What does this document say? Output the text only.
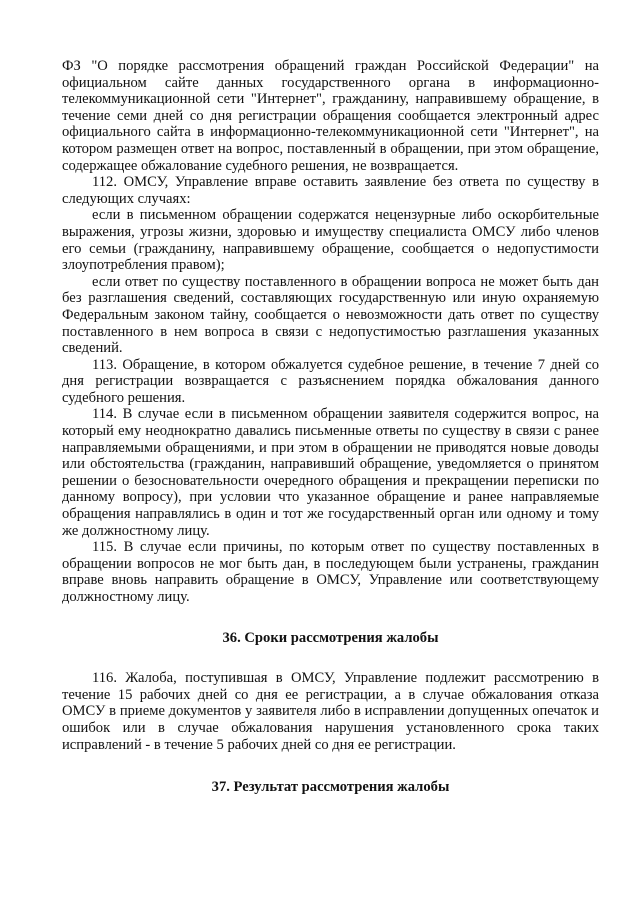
ФЗ "О порядке рассмотрения обращений граждан Российской Федерации" на официальном сайте данных государственного органа в информационно-телекоммуникационной сети "Интернет", гражданину, направившему обращение, в течение семи дней со дня регистрации обращения сообщается электронный адрес официального сайта в информационно-телекоммуникационной сети "Интернет", на котором размещен ответ на вопрос, поставленный в обращении, при этом обращение, содержащее обжалование судебного решения, не возвращается.

112. ОМСУ, Управление вправе оставить заявление без ответа по существу в следующих случаях:

если в письменном обращении содержатся нецензурные либо оскорбительные выражения, угрозы жизни, здоровью и имуществу специалиста ОМСУ либо членов его семьи (гражданину, направившему обращение, сообщается о недопустимости злоупотребления правом);

если ответ по существу поставленного в обращении вопроса не может быть дан без разглашения сведений, составляющих государственную или иную охраняемую Федеральным законом тайну, сообщается о невозможности дать ответ по существу поставленного в нем вопроса в связи с недопустимостью разглашения указанных сведений.

113. Обращение, в котором обжалуется судебное решение, в течение 7 дней со дня регистрации возвращается с разъяснением порядка обжалования данного судебного решения.

114. В случае если в письменном обращении заявителя содержится вопрос, на который ему неоднократно давались письменные ответы по существу в связи с ранее направляемыми обращениями, и при этом в обращении не приводятся новые доводы или обстоятельства (гражданин, направивший обращение, уведомляется о принятом решении о безосновательности очередного обращения и прекращении переписки по данному вопросу), при условии что указанное обращение и ранее направляемые обращения направлялись в один и тот же государственный орган или одному и тому же должностному лицу.

115. В случае если причины, по которым ответ по существу поставленных в обращении вопросов не мог быть дан, в последующем были устранены, гражданин вправе вновь направить обращение в ОМСУ, Управление или соответствующему должностному лицу.

36. Сроки рассмотрения жалобы

116. Жалоба, поступившая в ОМСУ, Управление подлежит рассмотрению в течение 15 рабочих дней со дня ее регистрации, а в случае обжалования отказа ОМСУ в приеме документов у заявителя либо в исправлении допущенных опечаток и ошибок или в случае обжалования нарушения установленного срока таких исправлений - в течение 5 рабочих дней со дня ее регистрации.

37. Результат рассмотрения жалобы
